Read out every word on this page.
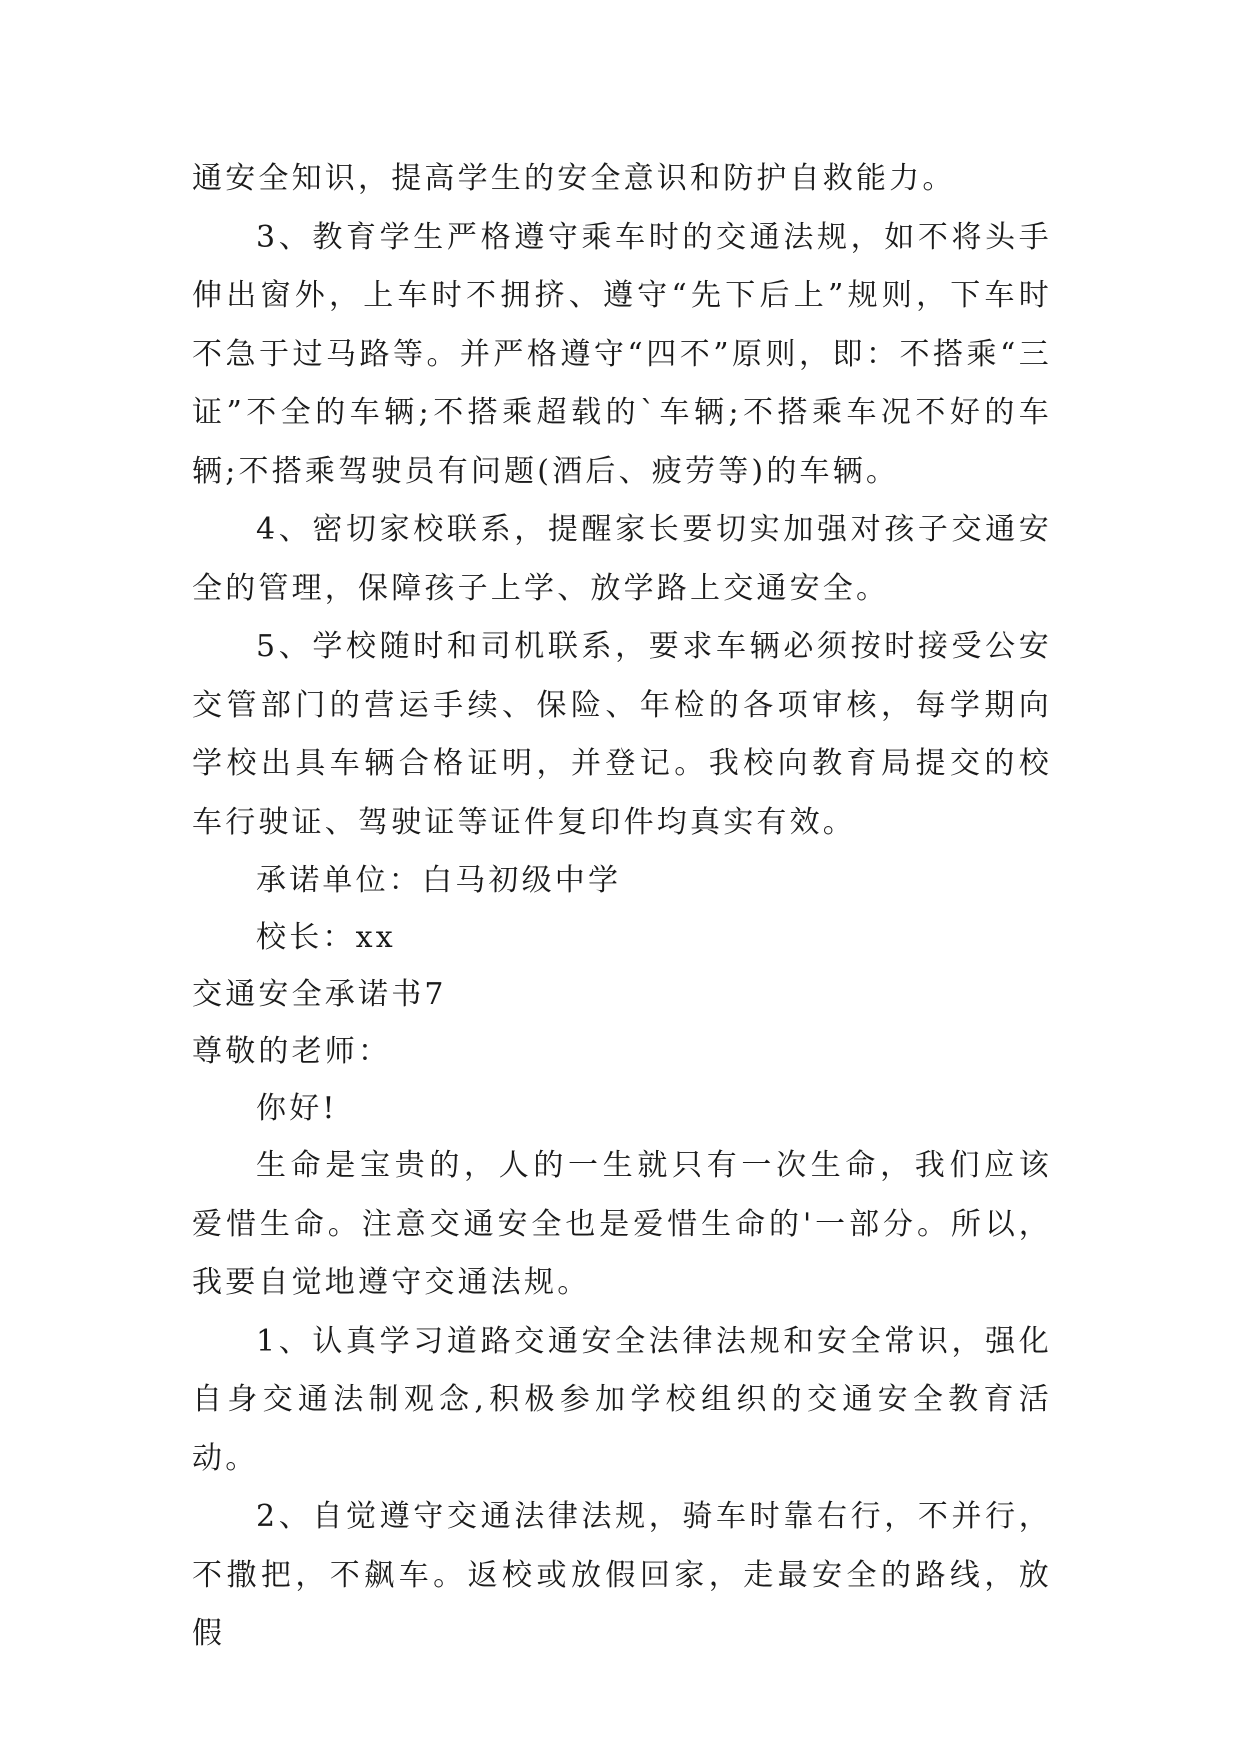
通安全知识，提高学生的安全意识和防护自救能力。

3、教育学生严格遵守乘车时的交通法规，如不将头手伸出窗外，上车时不拥挤、遵守“先下后上”规则，下车时不急于过马路等。并严格遵守“四不”原则，即：不搭乘“三证”不全的车辆;不搭乘超载的`车辆;不搭乘车况不好的车辆;不搭乘驾驶员有问题(酒后、疲劳等)的车辆。

4、密切家校联系，提醒家长要切实加强对孩子交通安全的管理，保障孩子上学、放学路上交通安全。

5、学校随时和司机联系，要求车辆必须按时接受公安交管部门的营运手续、保险、年检的各项审核，每学期向学校出具车辆合格证明，并登记。我校向教育局提交的校车行驶证、驾驶证等证件复印件均真实有效。

承诺单位：白马初级中学

校长：xx

交通安全承诺书7

尊敬的老师：

你好!

生命是宝贵的，人的一生就只有一次生命，我们应该爱惜生命。注意交通安全也是爱惜生命的'一部分。所以，我要自觉地遵守交通法规。

1、认真学习道路交通安全法律法规和安全常识，强化自身交通法制观念,积极参加学校组织的交通安全教育活动。

2、自觉遵守交通法律法规，骑车时靠右行，不并行，不撒把，不飙车。返校或放假回家，走最安全的路线，放假
